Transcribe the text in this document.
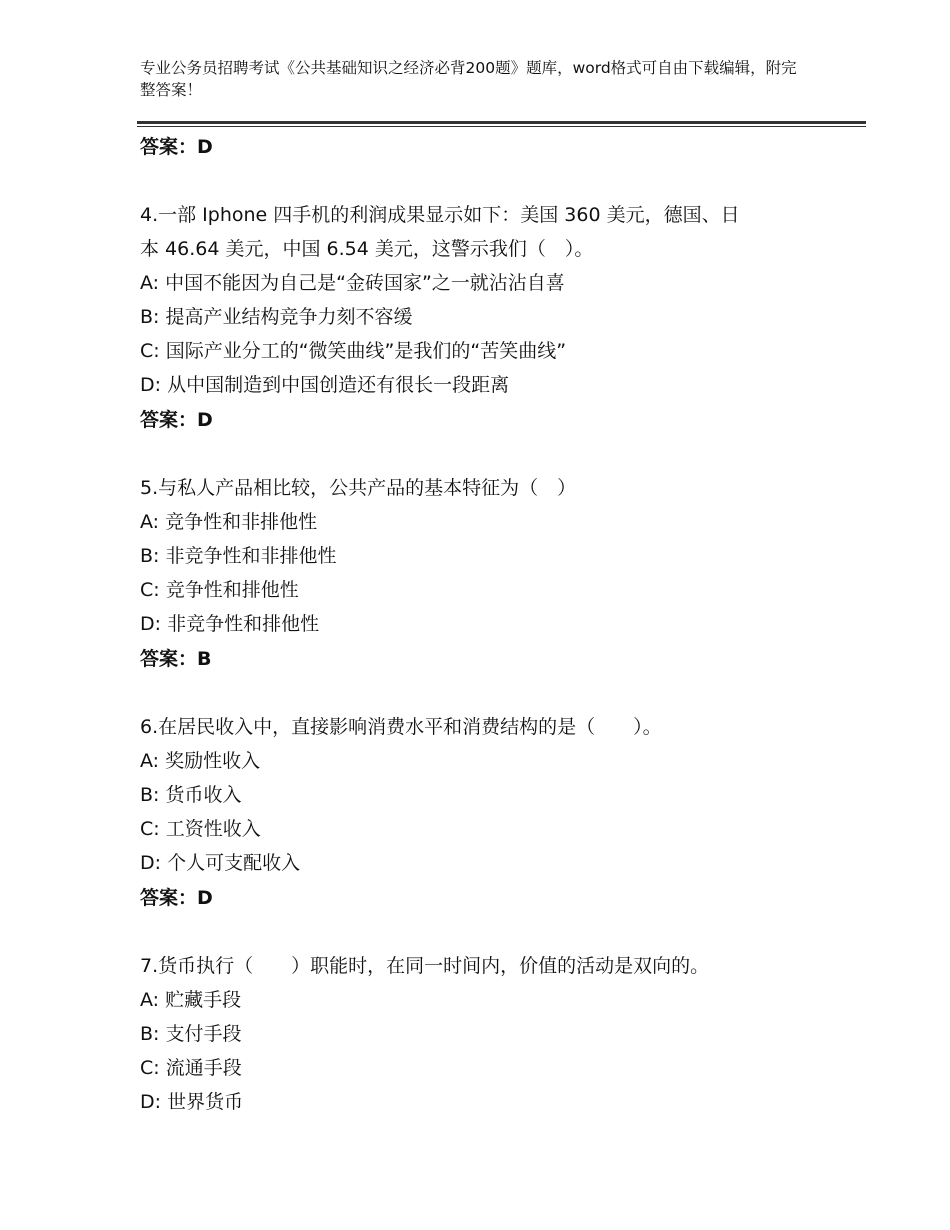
专业公务员招聘考试《公共基础知识之经济必背200题》题库，word格式可自由下载编辑，附完整答案！
答案：D
4.一部 Iphone 四手机的利润成果显示如下：美国 360 美元，德国、日
本 46.64 美元，中国 6.54 美元，这警示我们（　）。
A: 中国不能因为自己是“金砖国家”之一就沾沾自喜
B: 提高产业结构竞争力刻不容缓
C: 国际产业分工的“微笑曲线”是我们的“苦笑曲线”
D: 从中国制造到中国创造还有很长一段距离
答案：D
5.与私人产品相比较，公共产品的基本特征为（　）
A: 竞争性和非排他性
B: 非竞争性和非排他性
C: 竞争性和排他性
D: 非竞争性和排他性
答案：B
6.在居民收入中，直接影响消费水平和消费结构的是（　　）。
A: 奖励性收入
B: 货币收入
C: 工资性收入
D: 个人可支配收入
答案：D
7.货币执行（　　）职能时，在同一时间内，价值的活动是双向的。
A: 贮藏手段
B: 支付手段
C: 流通手段
D: 世界货币
